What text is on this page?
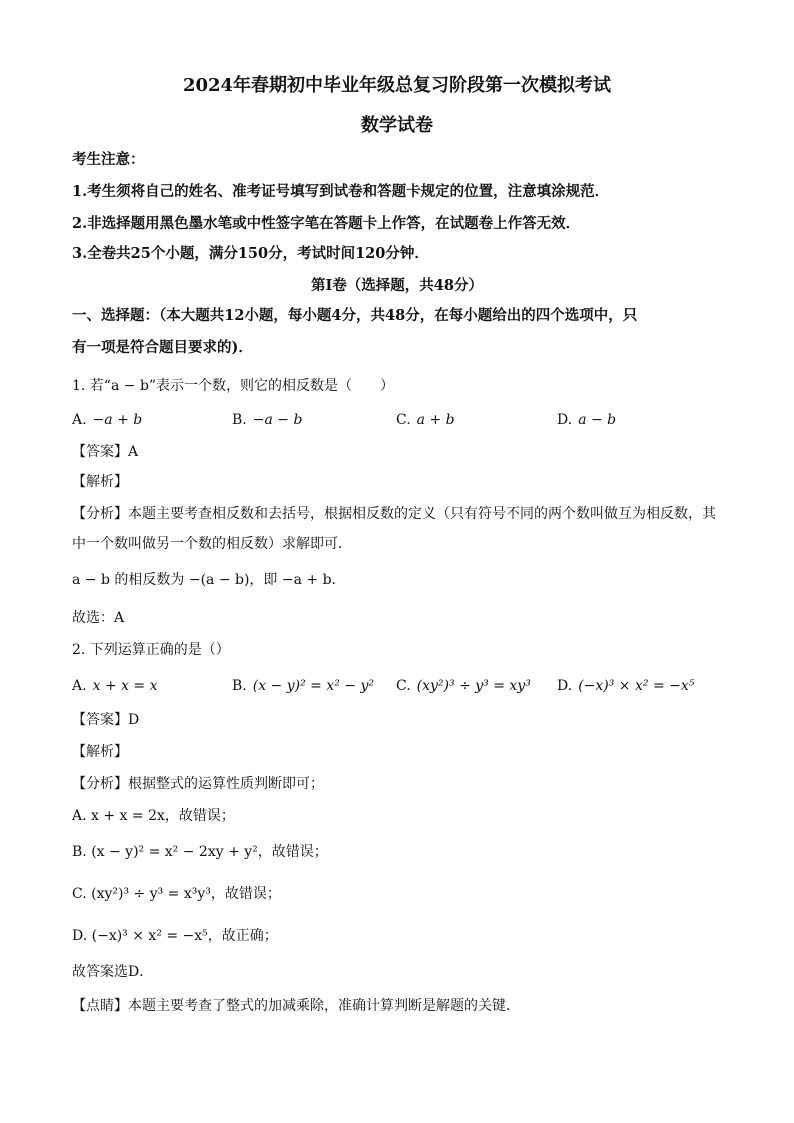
2024年春期初中毕业年级总复习阶段第一次模拟考试
数学试卷
考生注意：
1.考生须将自己的姓名、准考证号填写到试卷和答题卡规定的位置，注意填涂规范．
2.非选择题用黑色墨水笔或中性签字笔在答题卡上作答，在试题卷上作答无效．
3.全卷共25个小题，满分150分，考试时间120分钟．
第Ⅰ卷（选择题，共48分）
一、选择题：（本大题共12小题，每小题4分，共48分，在每小题给出的四个选项中，只
有一项是符合题目要求的)．
1. 若“a − b”表示一个数，则它的相反数是（　　）
A. −a + b	B. −a − b	C. a + b	D. a − b
【答案】A
【解析】
【分析】本题主要考查相反数和去括号，根据相反数的定义（只有符号不同的两个数叫做互为相反数，其
中一个数叫做另一个数的相反数）求解即可．
a − b 的相反数为 −(a − b)，即 −a + b．
故选：A
2. 下列运算正确的是（）
A. x + x = x	B. (x − y)² = x² − y² C. (xy²)³ ÷ y³ = xy³ D. (−x)³ × x² = −x⁵
【答案】D
【解析】
【分析】根据整式的运算性质判断即可；
A. x + x = 2x，故错误；
B. (x − y)² = x² − 2xy + y²，故错误；
C. (xy²)³ ÷ y³ = x³y³，故错误；
D. (−x)³ × x² = −x⁵，故正确；
故答案选D．
【点睛】本题主要考查了整式的加减乘除，准确计算判断是解题的关键．
